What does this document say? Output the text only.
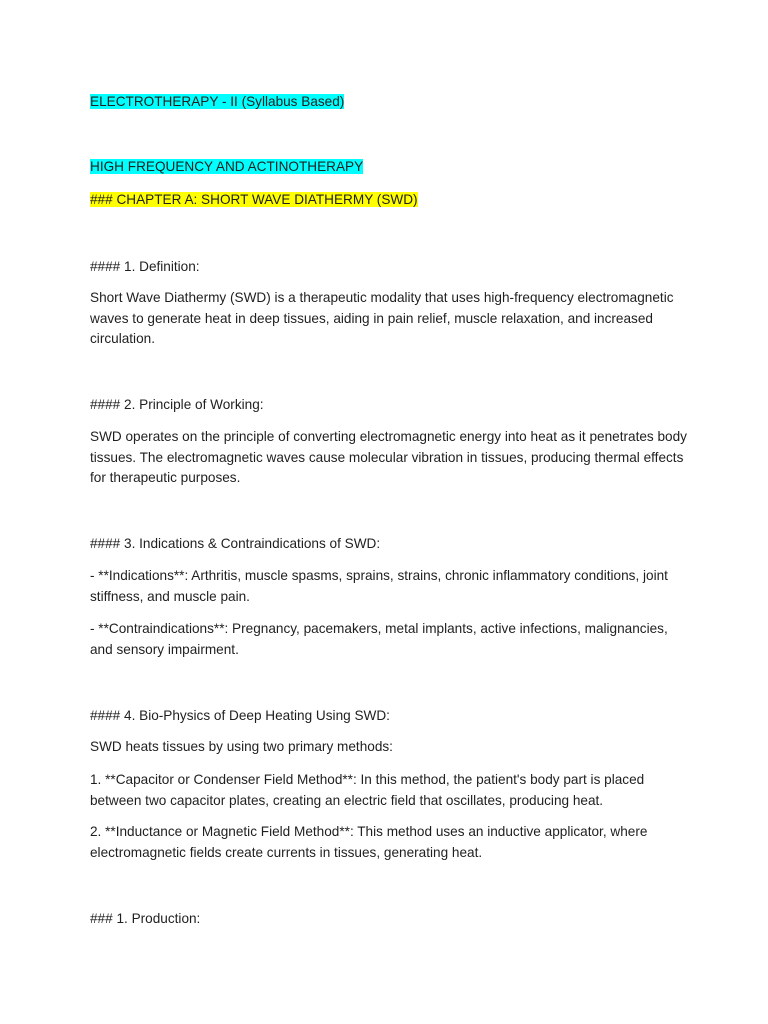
ELECTROTHERAPY - II (Syllabus Based)
HIGH FREQUENCY AND ACTINOTHERAPY
### CHAPTER A: SHORT WAVE DIATHERMY (SWD)
#### 1. Definition:
Short Wave Diathermy (SWD) is a therapeutic modality that uses high-frequency electromagnetic waves to generate heat in deep tissues, aiding in pain relief, muscle relaxation, and increased circulation.
#### 2. Principle of Working:
SWD operates on the principle of converting electromagnetic energy into heat as it penetrates body tissues. The electromagnetic waves cause molecular vibration in tissues, producing thermal effects for therapeutic purposes.
#### 3. Indications & Contraindications of SWD:
- **Indications**: Arthritis, muscle spasms, sprains, strains, chronic inflammatory conditions, joint stiffness, and muscle pain.
- **Contraindications**: Pregnancy, pacemakers, metal implants, active infections, malignancies, and sensory impairment.
#### 4. Bio-Physics of Deep Heating Using SWD:
SWD heats tissues by using two primary methods:
1. **Capacitor or Condenser Field Method**: In this method, the patient's body part is placed between two capacitor plates, creating an electric field that oscillates, producing heat.
2. **Inductance or Magnetic Field Method**: This method uses an inductive applicator, where electromagnetic fields create currents in tissues, generating heat.
### 1. Production:
